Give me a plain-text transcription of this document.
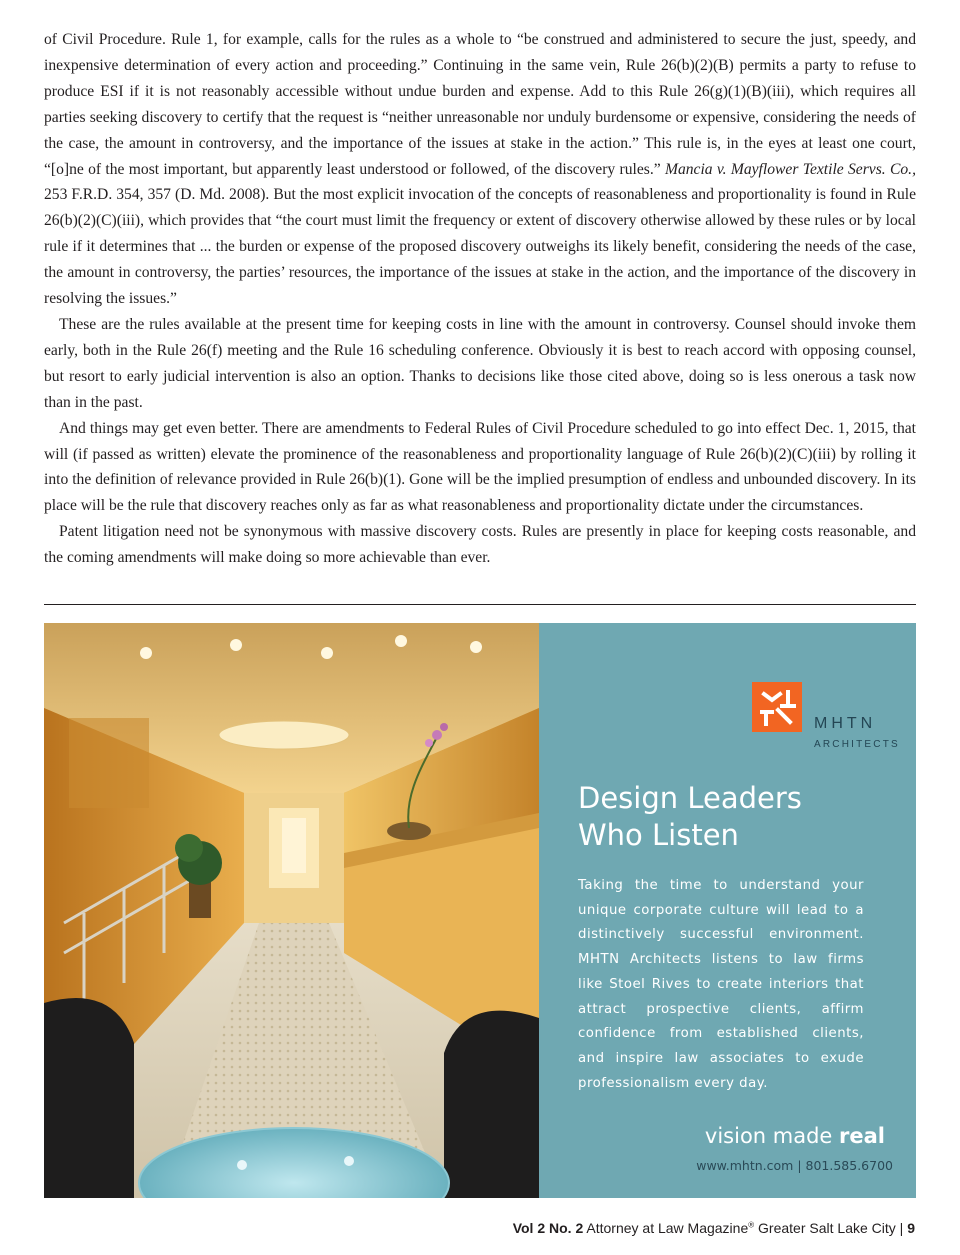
of Civil Procedure. Rule 1, for example, calls for the rules as a whole to “be construed and administered to secure the just, speedy, and inexpensive determination of every action and proceeding.” Continuing in the same vein, Rule 26(b)(2)(B) permits a party to refuse to produce ESI if it is not reasonably accessible without undue burden and expense. Add to this Rule 26(g)(1)(B)(iii), which requires all parties seeking discovery to certify that the request is “neither unreasonable nor unduly burdensome or expensive, considering the needs of the case, the amount in controversy, and the importance of the issues at stake in the action.” This rule is, in the eyes at least one court, “[o]ne of the most important, but apparently least understood or followed, of the discovery rules.” Mancia v. Mayflower Textile Servs. Co., 253 F.R.D. 354, 357 (D. Md. 2008). But the most explicit invocation of the concepts of reasonableness and proportionality is found in Rule 26(b)(2)(C)(iii), which provides that “the court must limit the frequency or extent of discovery otherwise allowed by these rules or by local rule if it determines that ... the burden or expense of the proposed discovery outweighs its likely benefit, considering the needs of the case, the amount in controversy, the parties’ resources, the importance of the issues at stake in the action, and the importance of the discovery in resolving the issues.”

These are the rules available at the present time for keeping costs in line with the amount in controversy. Counsel should invoke them early, both in the Rule 26(f) meeting and the Rule 16 scheduling conference. Obviously it is best to reach accord with opposing counsel, but resort to early judicial intervention is also an option. Thanks to decisions like those cited above, doing so is less onerous a task now than in the past.

And things may get even better. There are amendments to Federal Rules of Civil Procedure scheduled to go into effect Dec. 1, 2015, that will (if passed as written) elevate the prominence of the reasonableness and proportionality language of Rule 26(b)(2)(C)(iii) by rolling it into the definition of relevance provided in Rule 26(b)(1). Gone will be the implied presumption of endless and unbounded discovery. In its place will be the rule that discovery reaches only as far as what reasonableness and proportionality dictate under the circumstances.

Patent litigation need not be synonymous with massive discovery costs. Rules are presently in place for keeping costs reasonable, and the coming amendments will make doing so more achievable than ever.

MHTN
ARCHITECTS
Design Leaders
Who Listen
Taking the time to understand your unique corporate culture will lead to a distinctively successful environment. MHTN Architects listens to law firms like Stoel Rives to create interiors that attract prospective clients, affirm confidence from established clients, and inspire law associates to exude professionalism every day.
vision made real
www.mhtn.com | 801.585.6700
Vol 2 No. 2 Attorney at Law Magazine® Greater Salt Lake City | 9
